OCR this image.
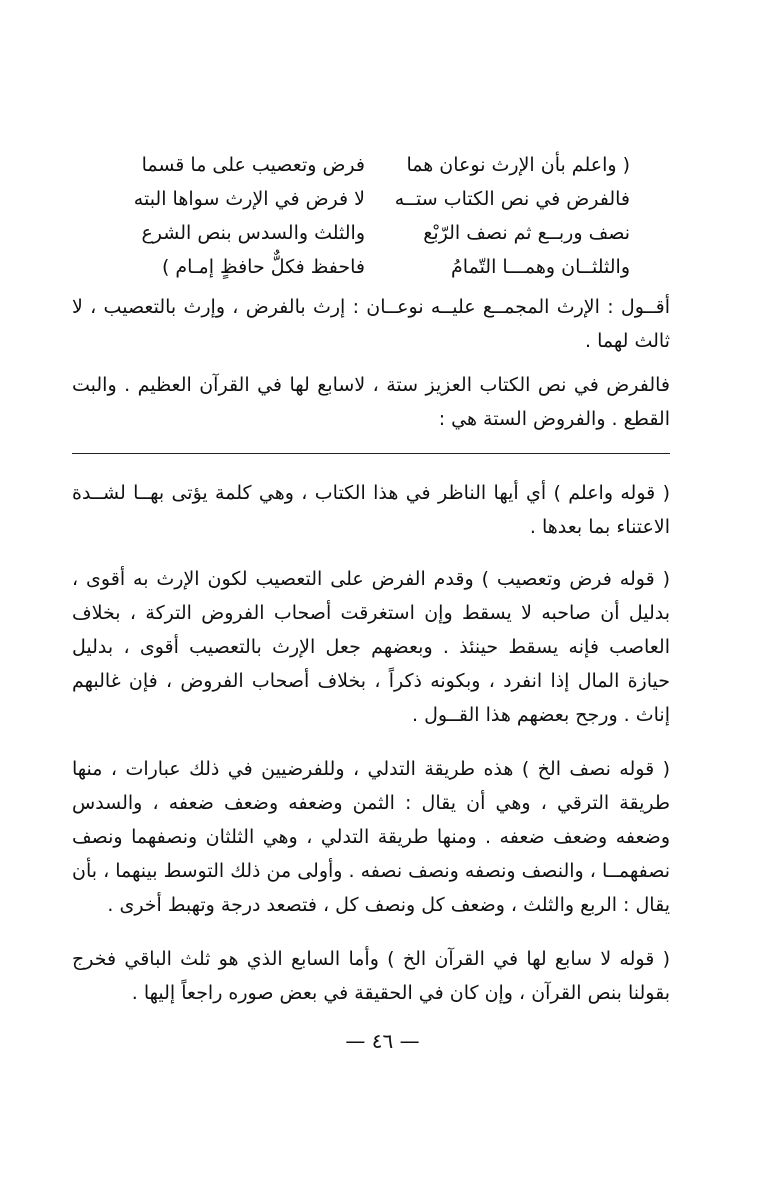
( واعلم بأن الإرث نوعان هما
فرض وتعصيب على ما قسما
فالفرض في نص الكتاب ستــه
لا فرض في الإرث سواها البته
نصف وربــع ثم نصف الرّبْع
والثلث والسدس بنص الشرع
والثلثــان وهمـــا التّمامُ
فاحفظ فكلٌّ حافظٍ إمـام )

أقــول : الإرث المجمــع عليــه نوعــان : إرث بالفرض ، وإرث بالتعصيب ، لا ثالث لهما .

فالفرض في نص الكتاب العزيز ستة ، لاسابع لها في القرآن العظيم . والبت القطع . والفروض الستة هي :

( قوله واعلم ) أي أيها الناظر في هذا الكتاب ، وهي كلمة يؤتى بهــا لشــدة الاعتناء بما بعدها .

( قوله فرض وتعصيب ) وقدم الفرض على التعصيب لكون الإرث به أقوى ، بدليل أن صاحبه لا يسقط وإن استغرقت أصحاب الفروض التركة ، بخلاف العاصب فإنه يسقط حينئذ . وبعضهم جعل الإرث بالتعصيب أقوى ، بدليل حيازة المال إذا انفرد ، وبكونه ذكراً ، بخلاف أصحاب الفروض ، فإن غالبهم إناث . ورجح بعضهم هذا القــول .

( قوله نصف الخ ) هذه طريقة التدلي ، وللفرضيين في ذلك عبارات ، منها طريقة الترقي ، وهي أن يقال : الثمن وضعفه وضعف ضعفه ، والسدس وضعفه وضعف ضعفه . ومنها طريقة التدلي ، وهي الثلثان ونصفهما ونصف نصفهمــا ، والنصف ونصفه ونصف نصفه . وأولى من ذلك التوسط بينهما ، بأن يقال : الربع والثلث ، وضعف كل ونصف كل ، فتصعد درجة وتهبط أخرى .

( قوله لا سابع لها في القرآن الخ ) وأما السابع الذي هو ثلث الباقي فخرج بقولنا بنص القرآن ، وإن كان في الحقيقة في بعض صوره راجعاً إليها .

— ٤٦ —
